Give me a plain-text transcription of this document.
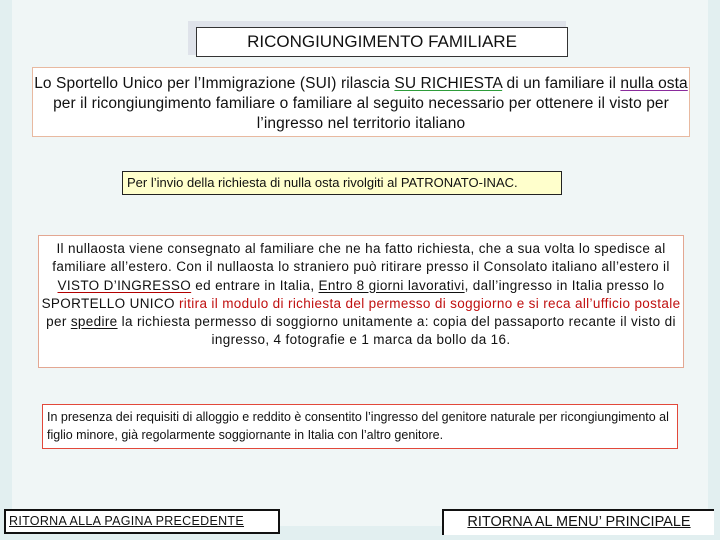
RICONGIUNGIMENTO FAMILIARE
Lo Sportello Unico per l’Immigrazione (SUI) rilascia SU RICHIESTA di un familiare il nulla osta per il ricongiungimento familiare o familiare al seguito necessario per ottenere il visto per l’ingresso nel territorio italiano
Per l’invio della richiesta di nulla osta rivolgiti al PATRONATO-INAC.
Il nullaosta viene consegnato al familiare che ne ha fatto richiesta, che a sua volta lo spedisce al familiare all’estero. Con il nullaosta lo straniero può ritirare presso il Consolato italiano all’estero il VISTO D’INGRESSO ed entrare in Italia, Entro 8 giorni lavorativi, dall’ingresso in Italia presso lo SPORTELLO UNICO ritira il modulo di richiesta del permesso di soggiorno e si reca all’ufficio postale per spedire la richiesta permesso di soggiorno unitamente a: copia del passaporto recante il visto di ingresso, 4 fotografie e 1 marca da bollo da 16.
In presenza dei requisiti di alloggio e reddito è consentito l’ingresso del genitore naturale per ricongiungimento al figlio minore, già regolarmente soggiornante in Italia con l’altro genitore.
RITORNA ALLA PAGINA PRECEDENTE	RITORNA AL MENU’ PRINCIPALE
